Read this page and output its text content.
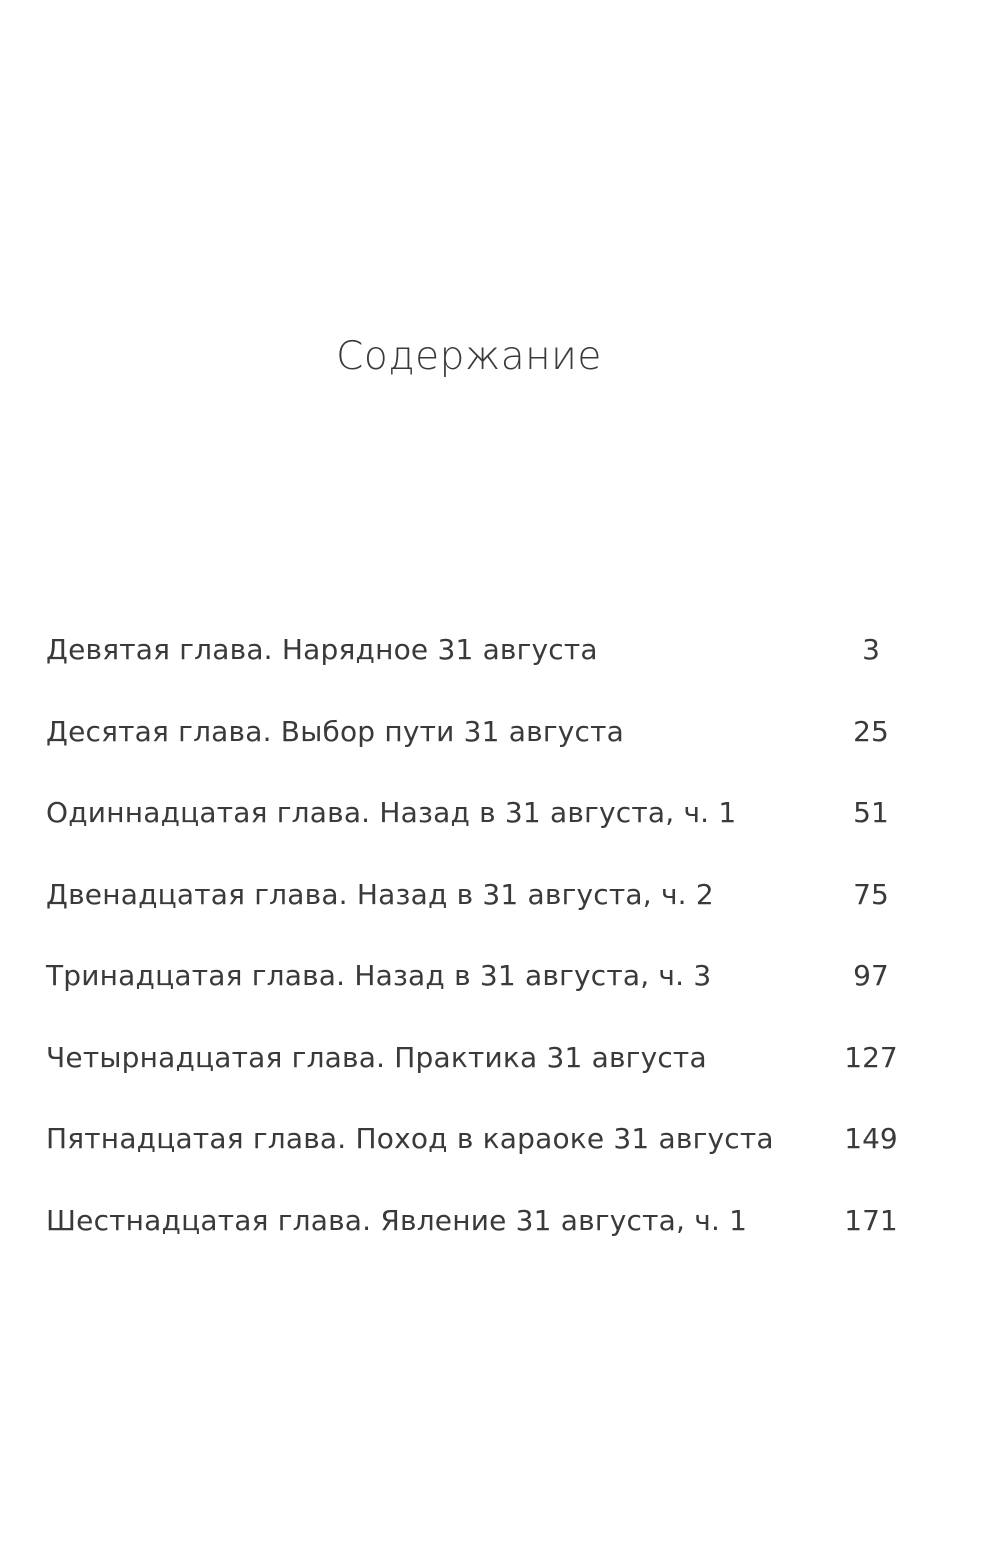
Содержание
Девятая глава. Нарядное 31 августа	3
Десятая глава. Выбор пути 31 августа	25
Одиннадцатая глава. Назад в 31 августа, ч. 1	51
Двенадцатая глава. Назад в 31 августа, ч. 2	75
Тринадцатая глава. Назад в 31 августа, ч. 3	97
Четырнадцатая глава. Практика 31 августа	127
Пятнадцатая глава. Поход в караоке 31 августа	149
Шестнадцатая глава. Явление 31 августа, ч. 1	171
